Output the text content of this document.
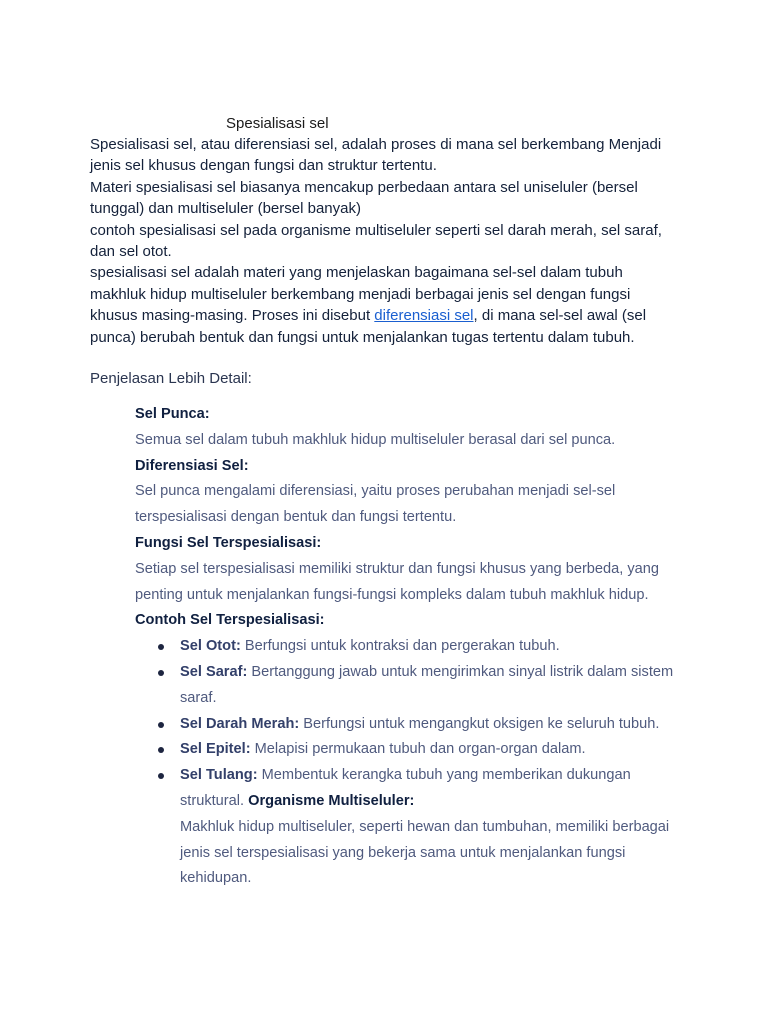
Spesialisasi sel

Spesialisasi sel, atau diferensiasi sel, adalah proses di mana sel berkembang Menjadi jenis sel khusus dengan fungsi dan struktur tertentu.

Materi spesialisasi sel biasanya mencakup perbedaan antara sel uniseluler (bersel tunggal) dan multiseluler (bersel banyak)

contoh spesialisasi sel pada organisme multiseluler seperti sel darah merah, sel saraf, dan sel otot.

spesialisasi sel adalah materi yang menjelaskan bagaimana sel-sel dalam tubuh makhluk hidup multiseluler berkembang menjadi berbagai jenis sel dengan fungsi khusus masing-masing. Proses ini disebut diferensiasi sel, di mana sel-sel awal (sel punca) berubah bentuk dan fungsi untuk menjalankan tugas tertentu dalam tubuh.

Penjelasan Lebih Detail:

Sel Punca:

Semua sel dalam tubuh makhluk hidup multiseluler berasal dari sel punca.

Diferensiasi Sel:

Sel punca mengalami diferensiasi, yaitu proses perubahan menjadi sel-sel terspesialisasi dengan bentuk dan fungsi tertentu.

Fungsi Sel Terspesialisasi:

Setiap sel terspesialisasi memiliki struktur dan fungsi khusus yang berbeda, yang penting untuk menjalankan fungsi-fungsi kompleks dalam tubuh makhluk hidup.

Contoh Sel Terspesialisasi:

Sel Otot: Berfungsi untuk kontraksi dan pergerakan tubuh.
Sel Saraf: Bertanggung jawab untuk mengirimkan sinyal listrik dalam sistem saraf.
Sel Darah Merah: Berfungsi untuk mengangkut oksigen ke seluruh tubuh.
Sel Epitel: Melapisi permukaan tubuh dan organ-organ dalam.
Sel Tulang: Membentuk kerangka tubuh yang memberikan dukungan struktural. Organisme Multiseluler:
Makhluk hidup multiseluler, seperti hewan dan tumbuhan, memiliki berbagai jenis sel terspesialisasi yang bekerja sama untuk menjalankan fungsi kehidupan.
